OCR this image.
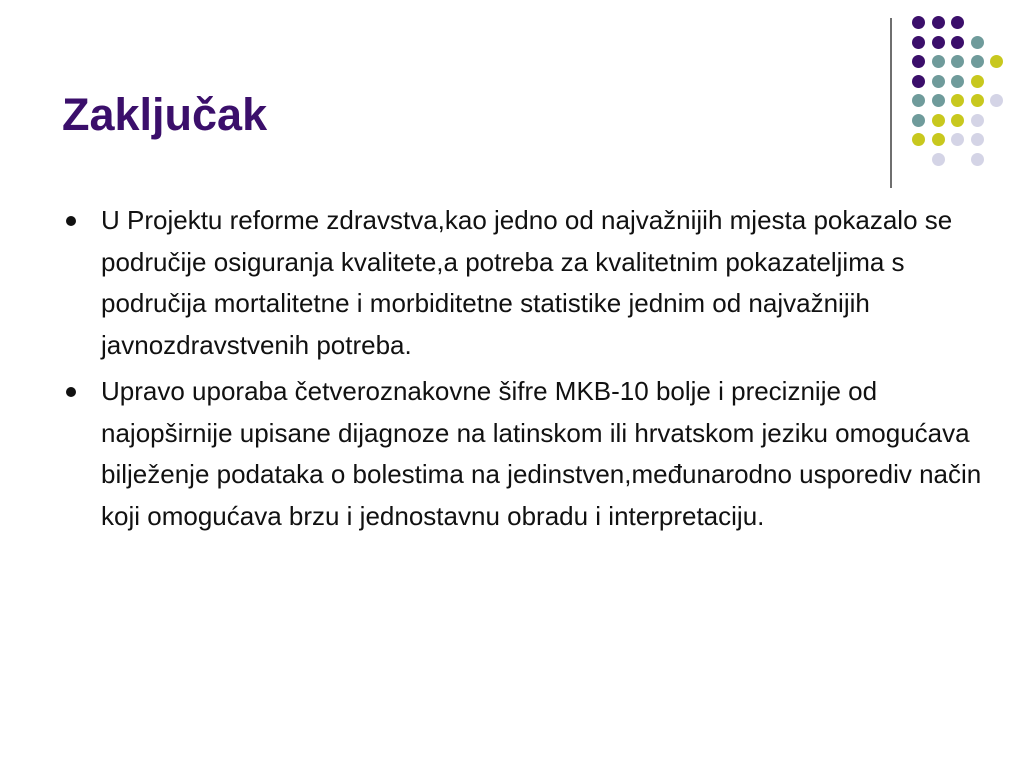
Zaključak
U Projektu reforme zdravstva,kao jedno od najvažnijih mjesta pokazalo se područije osiguranja kvalitete,a potreba za kvalitetnim pokazateljima s područija mortalitetne i morbiditetne statistike jednim od najvažnijih javnozdravstvenih potreba.
Upravo uporaba četveroznakovne šifre MKB-10 bolje i preciznije od najopširnije upisane dijagnoze na latinskom ili hrvatskom jeziku omogućava bilježenje podataka o bolestima na jedinstven,međunarodno usporediv način koji omogućava brzu i jednostavnu obradu i interpretaciju.
